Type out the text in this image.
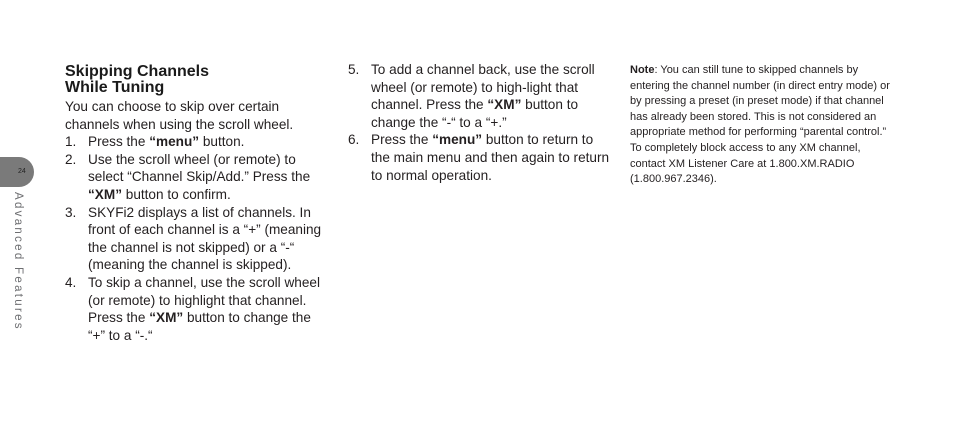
24
Advanced Features
Skipping Channels
While Tuning

You can choose to skip over certain channels when using the scroll wheel.

1. Press the “menu” button.
2. Use the scroll wheel (or remote) to select “Channel Skip/Add.” Press the “XM” button to confirm.
3. SKYFi2 displays a list of channels. In front of each channel is a “+” (meaning the channel is not skipped) or a “-“ (meaning the channel is skipped).
4. To skip a channel, use the scroll wheel (or remote) to highlight that channel. Press the “XM” button to change the “+” to a “-.“
5. To add a channel back, use the scroll wheel (or remote) to high-light that channel. Press the “XM” button to change the “-“ to a “+.”
6. Press the “menu” button to return to the main menu and then again to return to normal operation.

Note: You can still tune to skipped channels by entering the channel number (in direct entry mode) or by pressing a preset (in preset mode) if that channel has already been stored. This is not considered an appropriate method for performing “parental control.” To completely block access to any XM channel, contact XM Listener Care at 1.800.XM.RADIO (1.800.967.2346).
